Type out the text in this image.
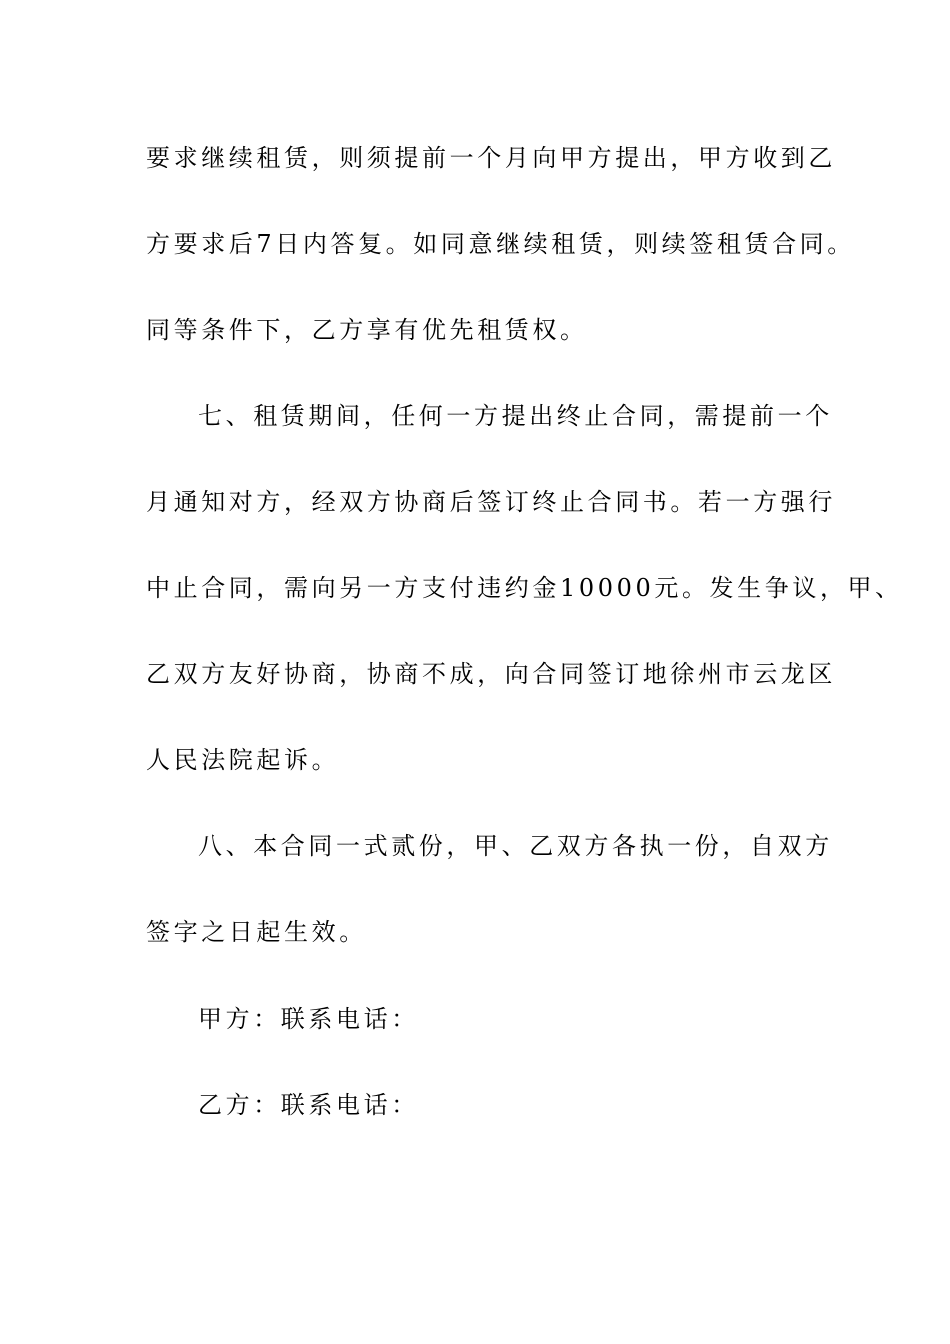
要求继续租赁，则须提前一个月向甲方提出，甲方收到乙
方要求后7日内答复。如同意继续租赁，则续签租赁合同。
同等条件下，乙方享有优先租赁权。
七、租赁期间，任何一方提出终止合同，需提前一个
月通知对方，经双方协商后签订终止合同书。若一方强行
中止合同，需向另一方支付违约金10000元。发生争议，甲、
乙双方友好协商，协商不成，向合同签订地徐州市云龙区
人民法院起诉。
八、本合同一式贰份，甲、乙双方各执一份，自双方
签字之日起生效。
甲方：联系电话：
乙方：联系电话：
